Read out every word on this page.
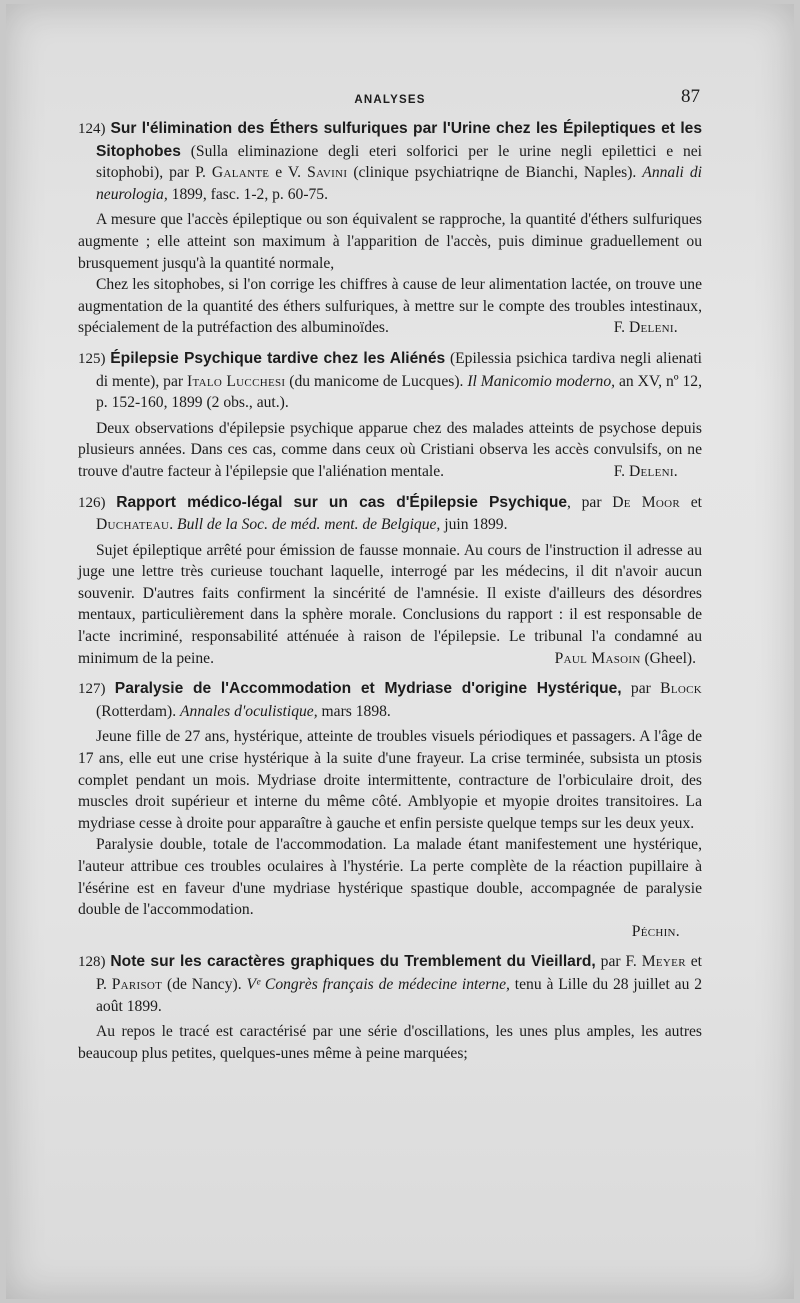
ANALYSES	87

124) Sur l'élimination des Éthers sulfuriques par l'Urine chez les Épileptiques et les Sitophobes (Sulla eliminazione degli eteri solforici per le urine negli epilettici e nei sitophobi), par P. Galante e V. Savini (clinique psychiatriqne de Bianchi, Naples). Annali di neurologia, 1899, fasc. 1-2, p. 60-75.

A mesure que l'accès épileptique ou son équivalent se rapproche, la quantité d'éthers sulfuriques augmente ; elle atteint son maximum à l'apparition de l'accès, puis diminue graduellement ou brusquement jusqu'à la quantité normale,

Chez les sitophobes, si l'on corrige les chiffres à cause de leur alimentation lactée, on trouve une augmentation de la quantité des éthers sulfuriques, à mettre sur le compte des troubles intestinaux, spécialement de la putréfaction des albuminoïdes.	F. Deleni.

125) Épilepsie Psychique tardive chez les Aliénés (Epilessia psichica tardiva negli alienati di mente), par Italo Lucchesi (du manicome de Lucques). Il Manicomio moderno, an XV, nº 12, p. 152-160, 1899 (2 obs., aut.).

Deux observations d'épilepsie psychique apparue chez des malades atteints de psychose depuis plusieurs années. Dans ces cas, comme dans ceux où Cristiani observa les accès convulsifs, on ne trouve d'autre facteur à l'épilepsie que l'aliénation mentale.	F. Deleni.

126) Rapport médico-légal sur un cas d'Épilepsie Psychique, par De Moor et Duchateau. Bull de la Soc. de méd. ment. de Belgique, juin 1899.

Sujet épileptique arrêté pour émission de fausse monnaie. Au cours de l'instruction il adresse au juge une lettre très curieuse touchant laquelle, interrogé par les médecins, il dit n'avoir aucun souvenir. D'autres faits confirment la sincérité de l'amnésie. Il existe d'ailleurs des désordres mentaux, particulièrement dans la sphère morale. Conclusions du rapport : il est responsable de l'acte incriminé, responsabilité atténuée à raison de l'épilepsie. Le tribunal l'a condamné au minimum de la peine.	Paul Masoin (Gheel).

127) Paralysie de l'Accommodation et Mydriase d'origine Hystérique, par Block (Rotterdam). Annales d'oculistique, mars 1898.

Jeune fille de 27 ans, hystérique, atteinte de troubles visuels périodiques et passagers. A l'âge de 17 ans, elle eut une crise hystérique à la suite d'une frayeur. La crise terminée, subsista un ptosis complet pendant un mois. Mydriase droite intermittente, contracture de l'orbiculaire droit, des muscles droit supérieur et interne du même côté. Amblyopie et myopie droites transitoires. La mydriase cesse à droite pour apparaître à gauche et enfin persiste quelque temps sur les deux yeux.

Paralysie double, totale de l'accommodation. La malade étant manifestement une hystérique, l'auteur attribue ces troubles oculaires à l'hystérie. La perte complète de la réaction pupillaire à l'ésérine est en faveur d'une mydriase hystérique spastique double, accompagnée de paralysie double de l'accommodation.

Péchin.

128) Note sur les caractères graphiques du Tremblement du Vieillard, par F. Meyer et P. Parisot (de Nancy). Vᵉ Congrès français de médecine interne, tenu à Lille du 28 juillet au 2 août 1899.

Au repos le tracé est caractérisé par une série d'oscillations, les unes plus amples, les autres beaucoup plus petites, quelques-unes même à peine marquées;
